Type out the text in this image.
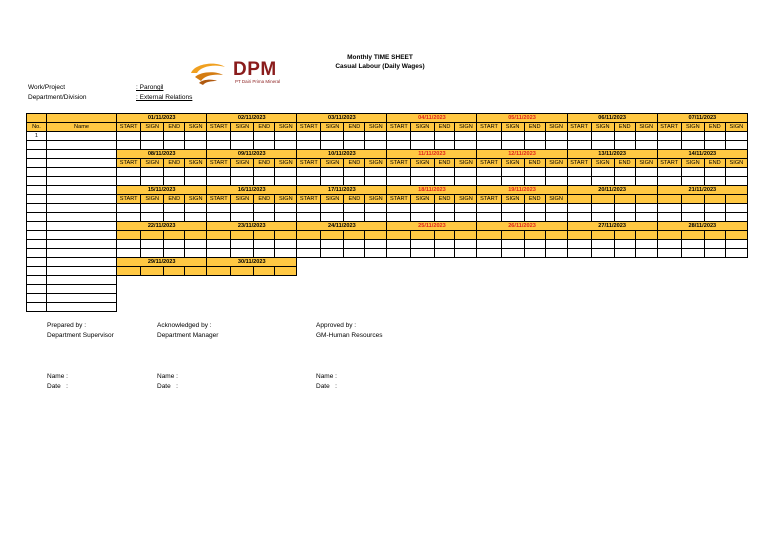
DPM
PT Dairi Prima Mineral
Monthly TIME SHEET
Casual Labour (Daily Wages)
Work/Project	: Parongil
Department/Division	: External Relations
		01/11/2023				02/11/2023				03/11/2023				04/11/2023				05/11/2023				06/11/2023				07/11/2023			
No.	Name	START	SIGN	END	SIGN	START	SIGN	END	SIGN	START	SIGN	END	SIGN	START	SIGN	END	SIGN	START	SIGN	END	SIGN	START	SIGN	END	SIGN	START	SIGN	END	SIGN
1																													

		08/11/2023				09/11/2023				10/11/2023				11/11/2023				12/11/2023				13/11/2023				14/11/2023			
		START	SIGN	END	SIGN	START	SIGN	END	SIGN	START	SIGN	END	SIGN	START	SIGN	END	SIGN	START	SIGN	END	SIGN	START	SIGN	END	SIGN	START	SIGN	END	SIGN

		15/11/2023				16/11/2023				17/11/2023				18/11/2023				19/11/2023				20/11/2023				21/11/2023			
		START	SIGN	END	SIGN	START	SIGN	END	SIGN	START	SIGN	END	SIGN	START	SIGN	END	SIGN	START	SIGN	END	SIGN								

		22/11/2023				23/11/2023				24/11/2023				25/11/2023				26/11/2023				27/11/2023				28/11/2023			

		29/11/2023				30/11/2023																							

Prepared by :
Department Supervisor
Acknowledged by :
Department Manager
Approved by :
GM-Human Resources
Name :
Date   :
Name :
Date   :
Name :
Date   :
